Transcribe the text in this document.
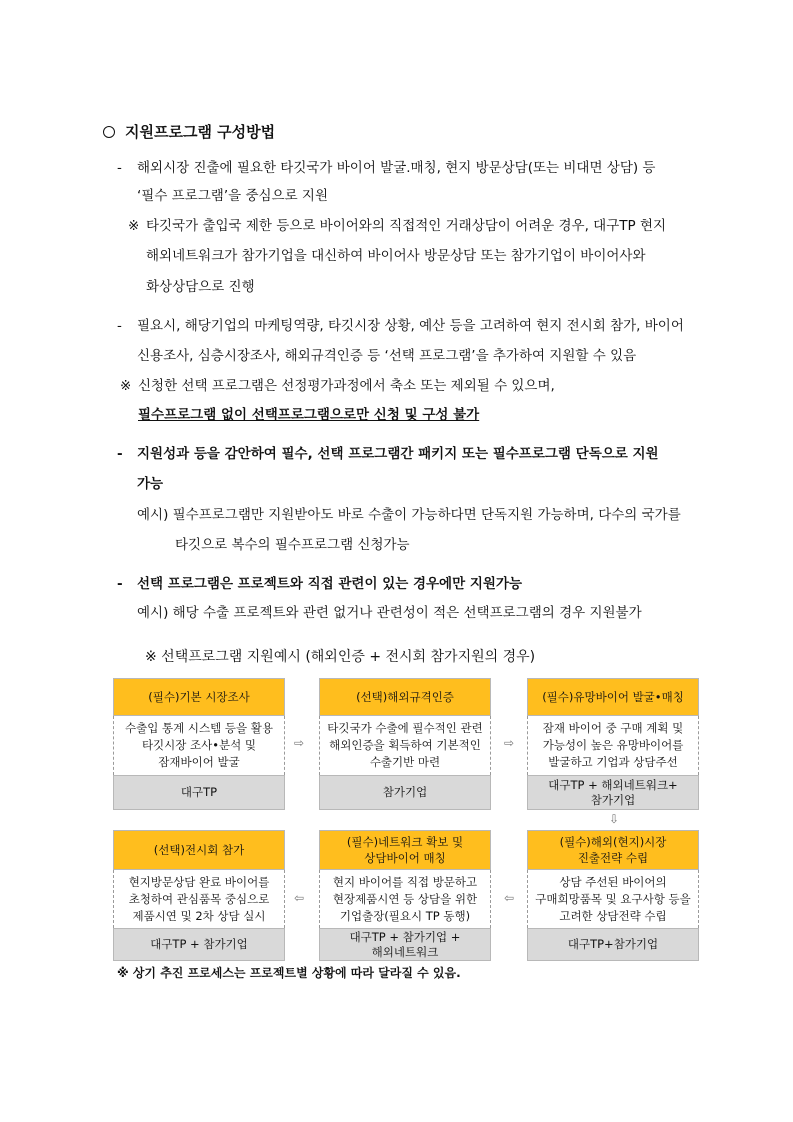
지원프로그램 구성방법
- 해외시장 진출에 필요한 타깃국가 바이어 발굴.매칭, 현지 방문상담(또는 비대면 상담) 등
‘필수 프로그램’을 중심으로 지원
※ 타깃국가 출입국 제한 등으로 바이어와의 직접적인 거래상담이 어려운 경우, 대구TP 현지
해외네트워크가 참가기업을 대신하여 바이어사 방문상담 또는 참가기업이 바이어사와
화상상담으로 진행
- 필요시, 해당기업의 마케팅역량, 타깃시장 상황, 예산 등을 고려하여 현지 전시회 참가, 바이어
신용조사, 심층시장조사, 해외규격인증 등 ‘선택 프로그램’을 추가하여 지원할 수 있음
※ 신청한 선택 프로그램은 선정평가과정에서 축소 또는 제외될 수 있으며,
필수프로그램 없이 선택프로그램으로만 신청 및 구성 불가
- 지원성과 등을 감안하여 필수, 선택 프로그램간 패키지 또는 필수프로그램 단독으로 지원
가능
예시) 필수프로그램만 지원받아도 바로 수출이 가능하다면 단독지원 가능하며, 다수의 국가를
타깃으로 복수의 필수프로그램 신청가능
- 선택 프로그램은 프로젝트와 직접 관련이 있는 경우에만 지원가능
예시) 해당 수출 프로젝트와 관련 없거나 관련성이 적은 선택프로그램의 경우 지원불가
※ 선택프로그램 지원예시 (해외인증 + 전시회 참가지원의 경우)
(필수)기본 시장조사
수출입 통계 시스템 등을 활용
타깃시장 조사•분석 및
잠재바이어 발굴
대구TP
⇨
(선택)해외규격인증
타깃국가 수출에 필수적인 관련
해외인증을 획득하여 기본적인
수출기반 마련
참가기업
⇨
(필수)유망바이어 발굴•매칭
잠재 바이어 중 구매 계획 및
가능성이 높은 유망바이어를
발굴하고 기업과 상담주선
대구TP + 해외네트워크+
참가기업
⇩
(선택)전시회 참가
현지방문상담 완료 바이어를
초청하여 관심품목 중심으로
제품시연 및 2차 상담 실시
대구TP + 참가기업
⇦
(필수)네트워크 확보 및
상담바이어 매칭
현지 바이어를 직접 방문하고
현장제품시연 등 상담을 위한
기업출장(필요시 TP 동행)
대구TP + 참가기업 +
해외네트워크
⇦
(필수)해외(현지)시장
진출전략 수립
상담 주선된 바이어의
구매희망품목 및 요구사항 등을
고려한 상담전략 수립
대구TP+참가기업
※ 상기 추진 프로세스는 프로젝트별 상황에 따라 달라질 수 있음.
